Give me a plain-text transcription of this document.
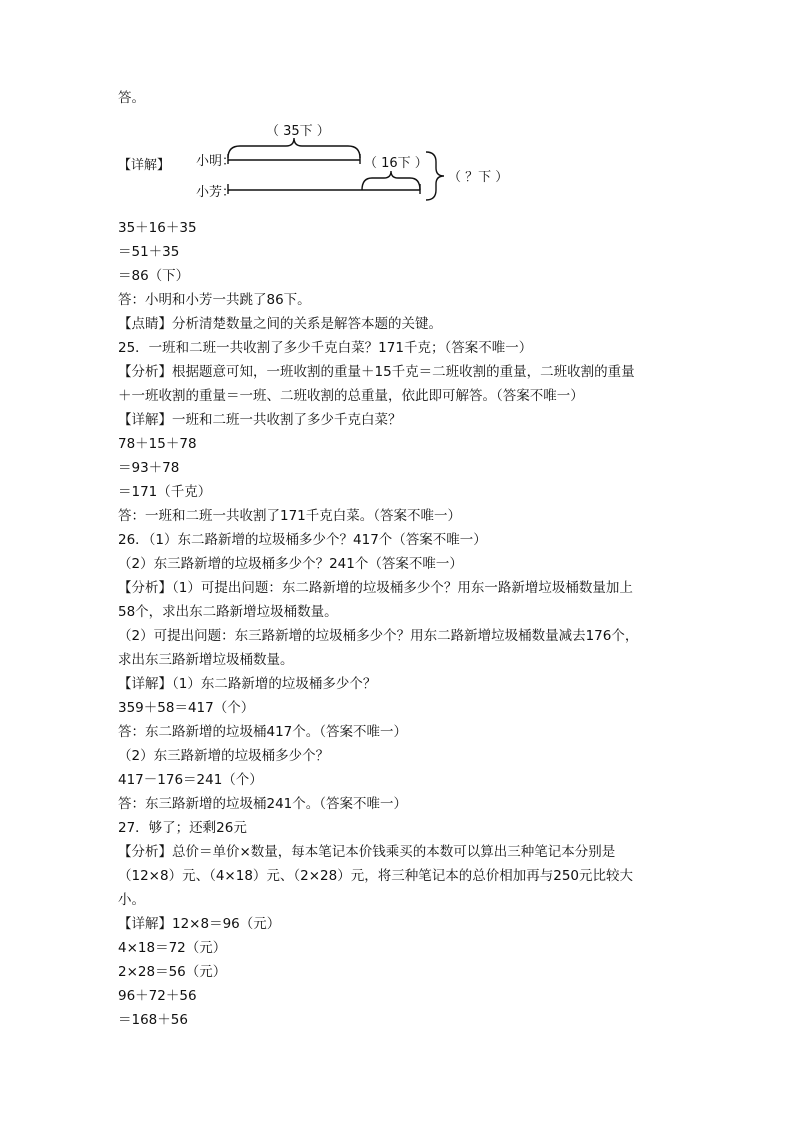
答。
（ 35下 ）
【详解】 小明：	（ 16下 ）
（ ？下 ）
小芳：
35＋16＋35
＝51＋35
＝86（下）
答：小明和小芳一共跳了86下。
【点睛】分析清楚数量之间的关系是解答本题的关键。
25．一班和二班一共收割了多少千克白菜？171千克；（答案不唯一）
【分析】根据题意可知，一班收割的重量＋15千克＝二班收割的重量，二班收割的重量
＋一班收割的重量＝一班、二班收割的总重量，依此即可解答。（答案不唯一）
【详解】一班和二班一共收割了多少千克白菜？
78＋15＋78
＝93＋78
＝171（千克）
答：一班和二班一共收割了171千克白菜。（答案不唯一）
26．（1）东二路新增的垃圾桶多少个？417个（答案不唯一）
（2）东三路新增的垃圾桶多少个？241个（答案不唯一）
【分析】（1）可提出问题：东二路新增的垃圾桶多少个？用东一路新增垃圾桶数量加上
58个，求出东二路新增垃圾桶数量。
（2）可提出问题：东三路新增的垃圾桶多少个？用东二路新增垃圾桶数量减去176个，
求出东三路新增垃圾桶数量。
【详解】（1）东二路新增的垃圾桶多少个？
359＋58＝417（个）
答：东二路新增的垃圾桶417个。（答案不唯一）
（2）东三路新增的垃圾桶多少个？
417－176＝241（个）
答：东三路新增的垃圾桶241个。（答案不唯一）
27．够了；还剩26元
【分析】总价＝单价×数量，每本笔记本价钱乘买的本数可以算出三种笔记本分别是
（12×8）元、（4×18）元、（2×28）元，将三种笔记本的总价相加再与250元比较大
小。
【详解】12×8＝96（元）
4×18＝72（元）
2×28＝56（元）
96＋72＋56
＝168＋56
